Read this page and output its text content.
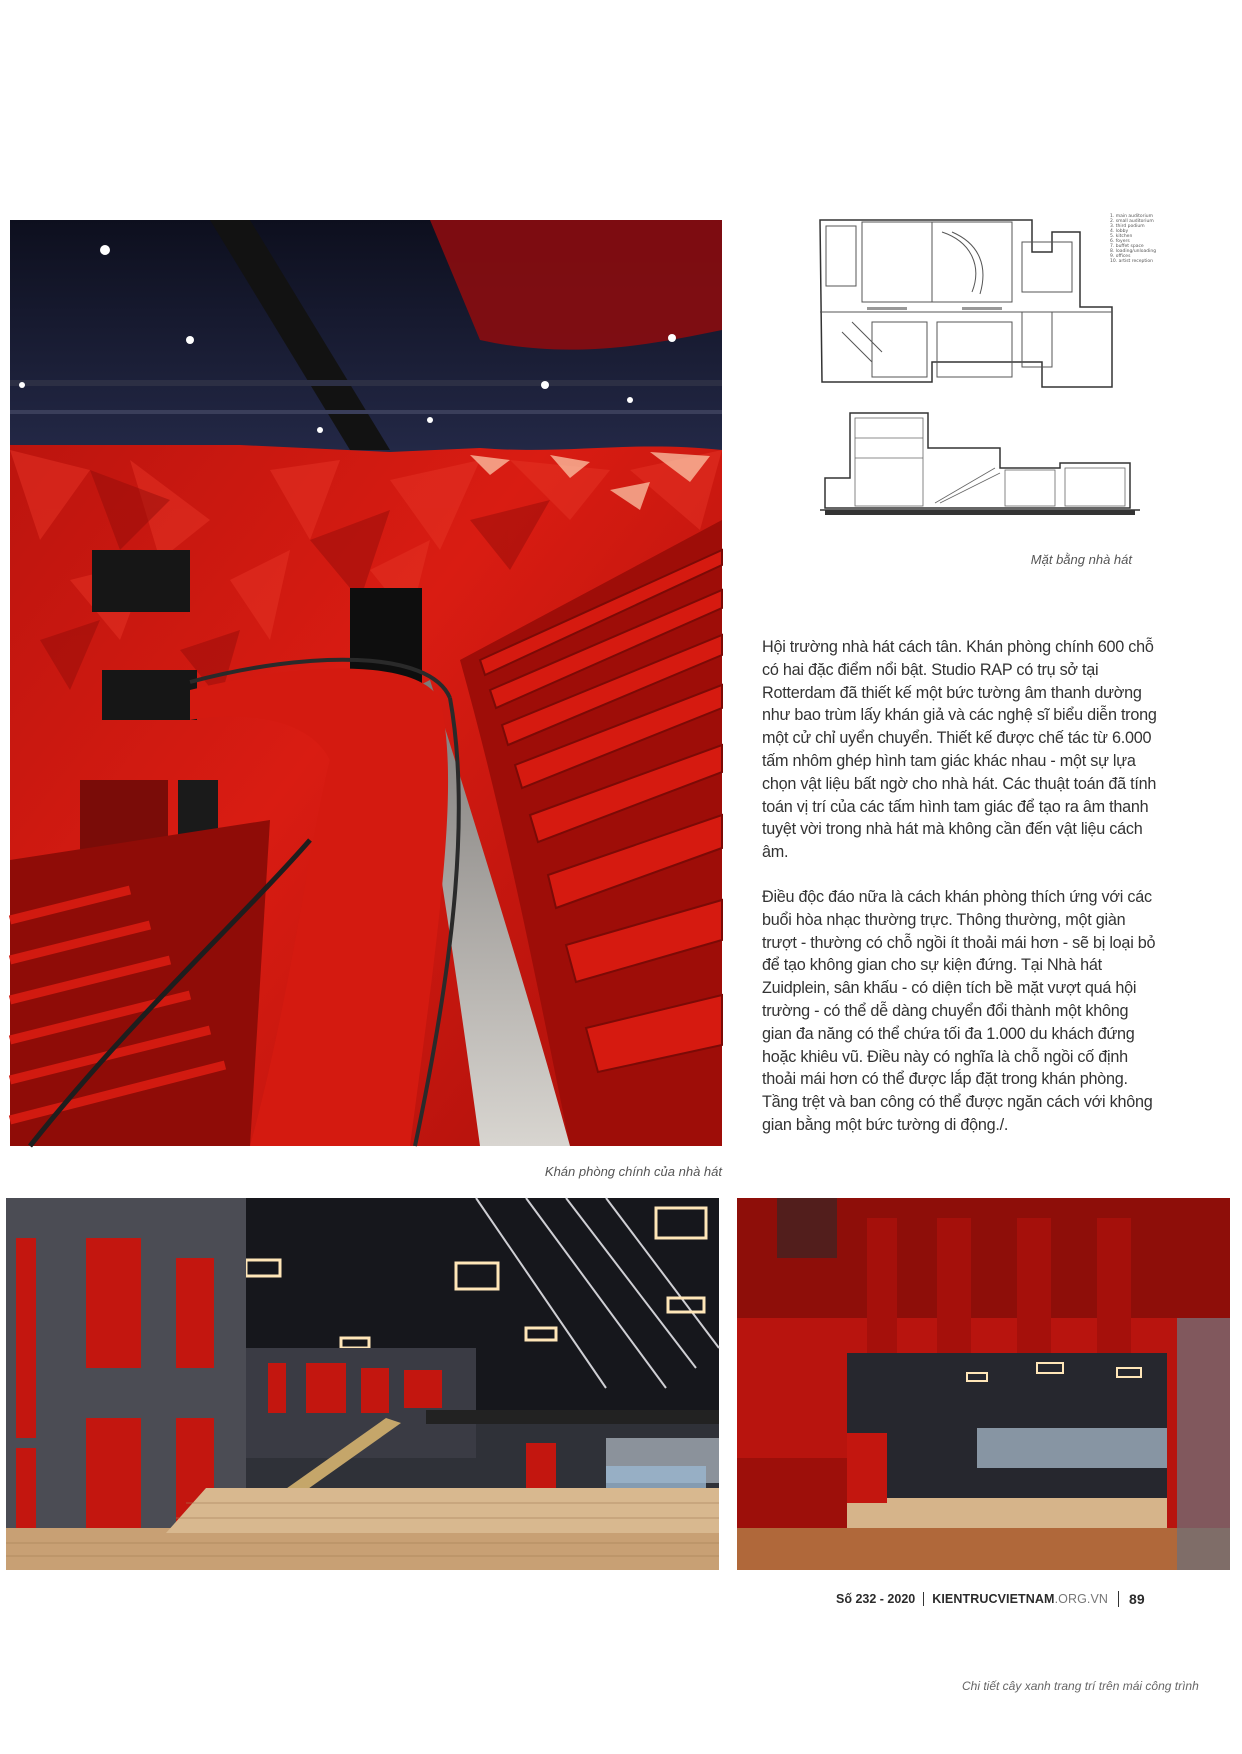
1. main auditorium
2. small auditorium
3. third podium
4. lobby
5. kitchen
6. foyers
7. buffet space
8. loading/unloading
9. offices
10. artist reception
Mặt bằng nhà hát

Hội trường nhà hát cách tân. Khán phòng chính 600 chỗ có hai đặc điểm nổi bật. Studio RAP có trụ sở tại Rotterdam đã thiết kế một bức tường âm thanh dường như bao trùm lấy khán giả và các nghệ sĩ biểu diễn trong một cử chỉ uyển chuyển. Thiết kế được chế tác từ 6.000 tấm nhôm ghép hình tam giác khác nhau - một sự lựa chọn vật liệu bất ngờ cho nhà hát. Các thuật toán đã tính toán vị trí của các tấm hình tam giác để tạo ra âm thanh tuyệt vời trong nhà hát mà không cần đến vật liệu cách âm.

Điều độc đáo nữa là cách khán phòng thích ứng với các buổi hòa nhạc thường trực. Thông thường, một giàn trượt - thường có chỗ ngồi ít thoải mái hơn - sẽ bị loại bỏ để tạo không gian cho sự kiện đứng. Tại Nhà hát Zuidplein, sân khấu - có diện tích bề mặt vượt quá hội trường - có thể dễ dàng chuyển đổi thành một không gian đa năng có thể chứa tối đa 1.000 du khách đứng hoặc khiêu vũ. Điều này có nghĩa là chỗ ngồi cố định thoải mái hơn có thể được lắp đặt trong khán phòng. Tầng trệt và ban công có thể được ngăn cách với không gian bằng một bức tường di động./.

Khán phòng chính của nhà hát
Số 232 - 2020	KIENTRUCVIETNAM.ORG.VN	89
Chi tiết cây xanh trang trí trên mái công trình
